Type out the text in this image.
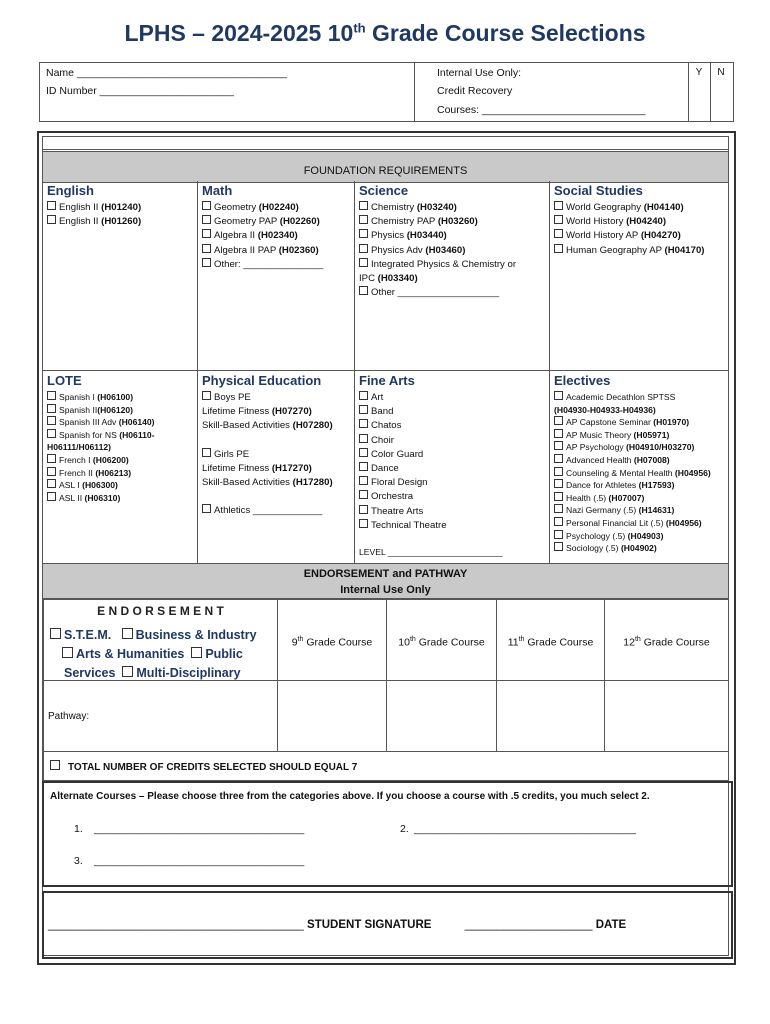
LPHS – 2024-2025 10th Grade Course Selections
Name ____________________________________
ID Number _______________________
Internal Use Only:
Credit Recovery
Courses: ____________________________
Y	N
FOUNDATION REQUIREMENTS
English
English II (H01240)
English II (H01260)
Math
Geometry (H02240)
Geometry PAP (H02260)
Algebra II (H02340)
Algebra II PAP (H02360)
Other: _______________
Science
Chemistry (H03240)
Chemistry PAP (H03260)
Physics (H03440)
Physics Adv (H03460)
Integrated Physics & Chemistry or
IPC (H03340)
Other ___________________
Social Studies
World Geography (H04140)
World History (H04240)
World History AP (H04270)
Human Geography AP (H04170)
LOTE
Spanish I (H06100)
Spanish II(H06120)
Spanish III Adv (H06140)
Spanish for NS (H06110-
H06111/H06112)
French I (H06200)
French II (H06213)
ASL I (H06300)
ASL II (H06310)
Physical Education
Boys PE
Lifetime Fitness (H07270)
Skill-Based Activities (H07280)
Girls PE
Lifetime Fitness (H17270)
Skill-Based Activities (H17280)
Athletics _____________
Fine Arts
Art
Band
Chatos
Choir
Color Guard
Dance
Floral Design
Orchestra
Theatre Arts
Technical Theatre
LEVEL ________________________
Electives
Academic Decathlon SPTSS
(H04930-H04933-H04936)
AP Capstone Seminar (H01970)
AP Music Theory (H05971)
AP Psychology (H04910/H03270)
Advanced Health (H07008)
Counseling & Mental Health (H04956)
Dance for Athletes (H17593)
Health (.5) (H07007)
Nazi Germany (.5) (H14631)
Personal Financial Lit (.5) (H04956)
Psychology (.5) (H04903)
Sociology (.5) (H04902)
ENDORSEMENT and PATHWAY
Internal Use Only
E N D O R S E M E N T
S.T.E.M. Business & Industry
Arts & Humanities Public
Services Multi-Disciplinary
9th Grade Course	10th Grade Course	11th Grade Course	12th Grade Course
Pathway:
TOTAL NUMBER OF CREDITS SELECTED SHOULD EQUAL 7
Alternate Courses – Please choose three from the categories above. If you choose a course with .5 credits, you much select 2.
1. ____________________________________	2. ______________________________________
3. ____________________________________
________________________________________ STUDENT SIGNATURE	____________________ DATE
